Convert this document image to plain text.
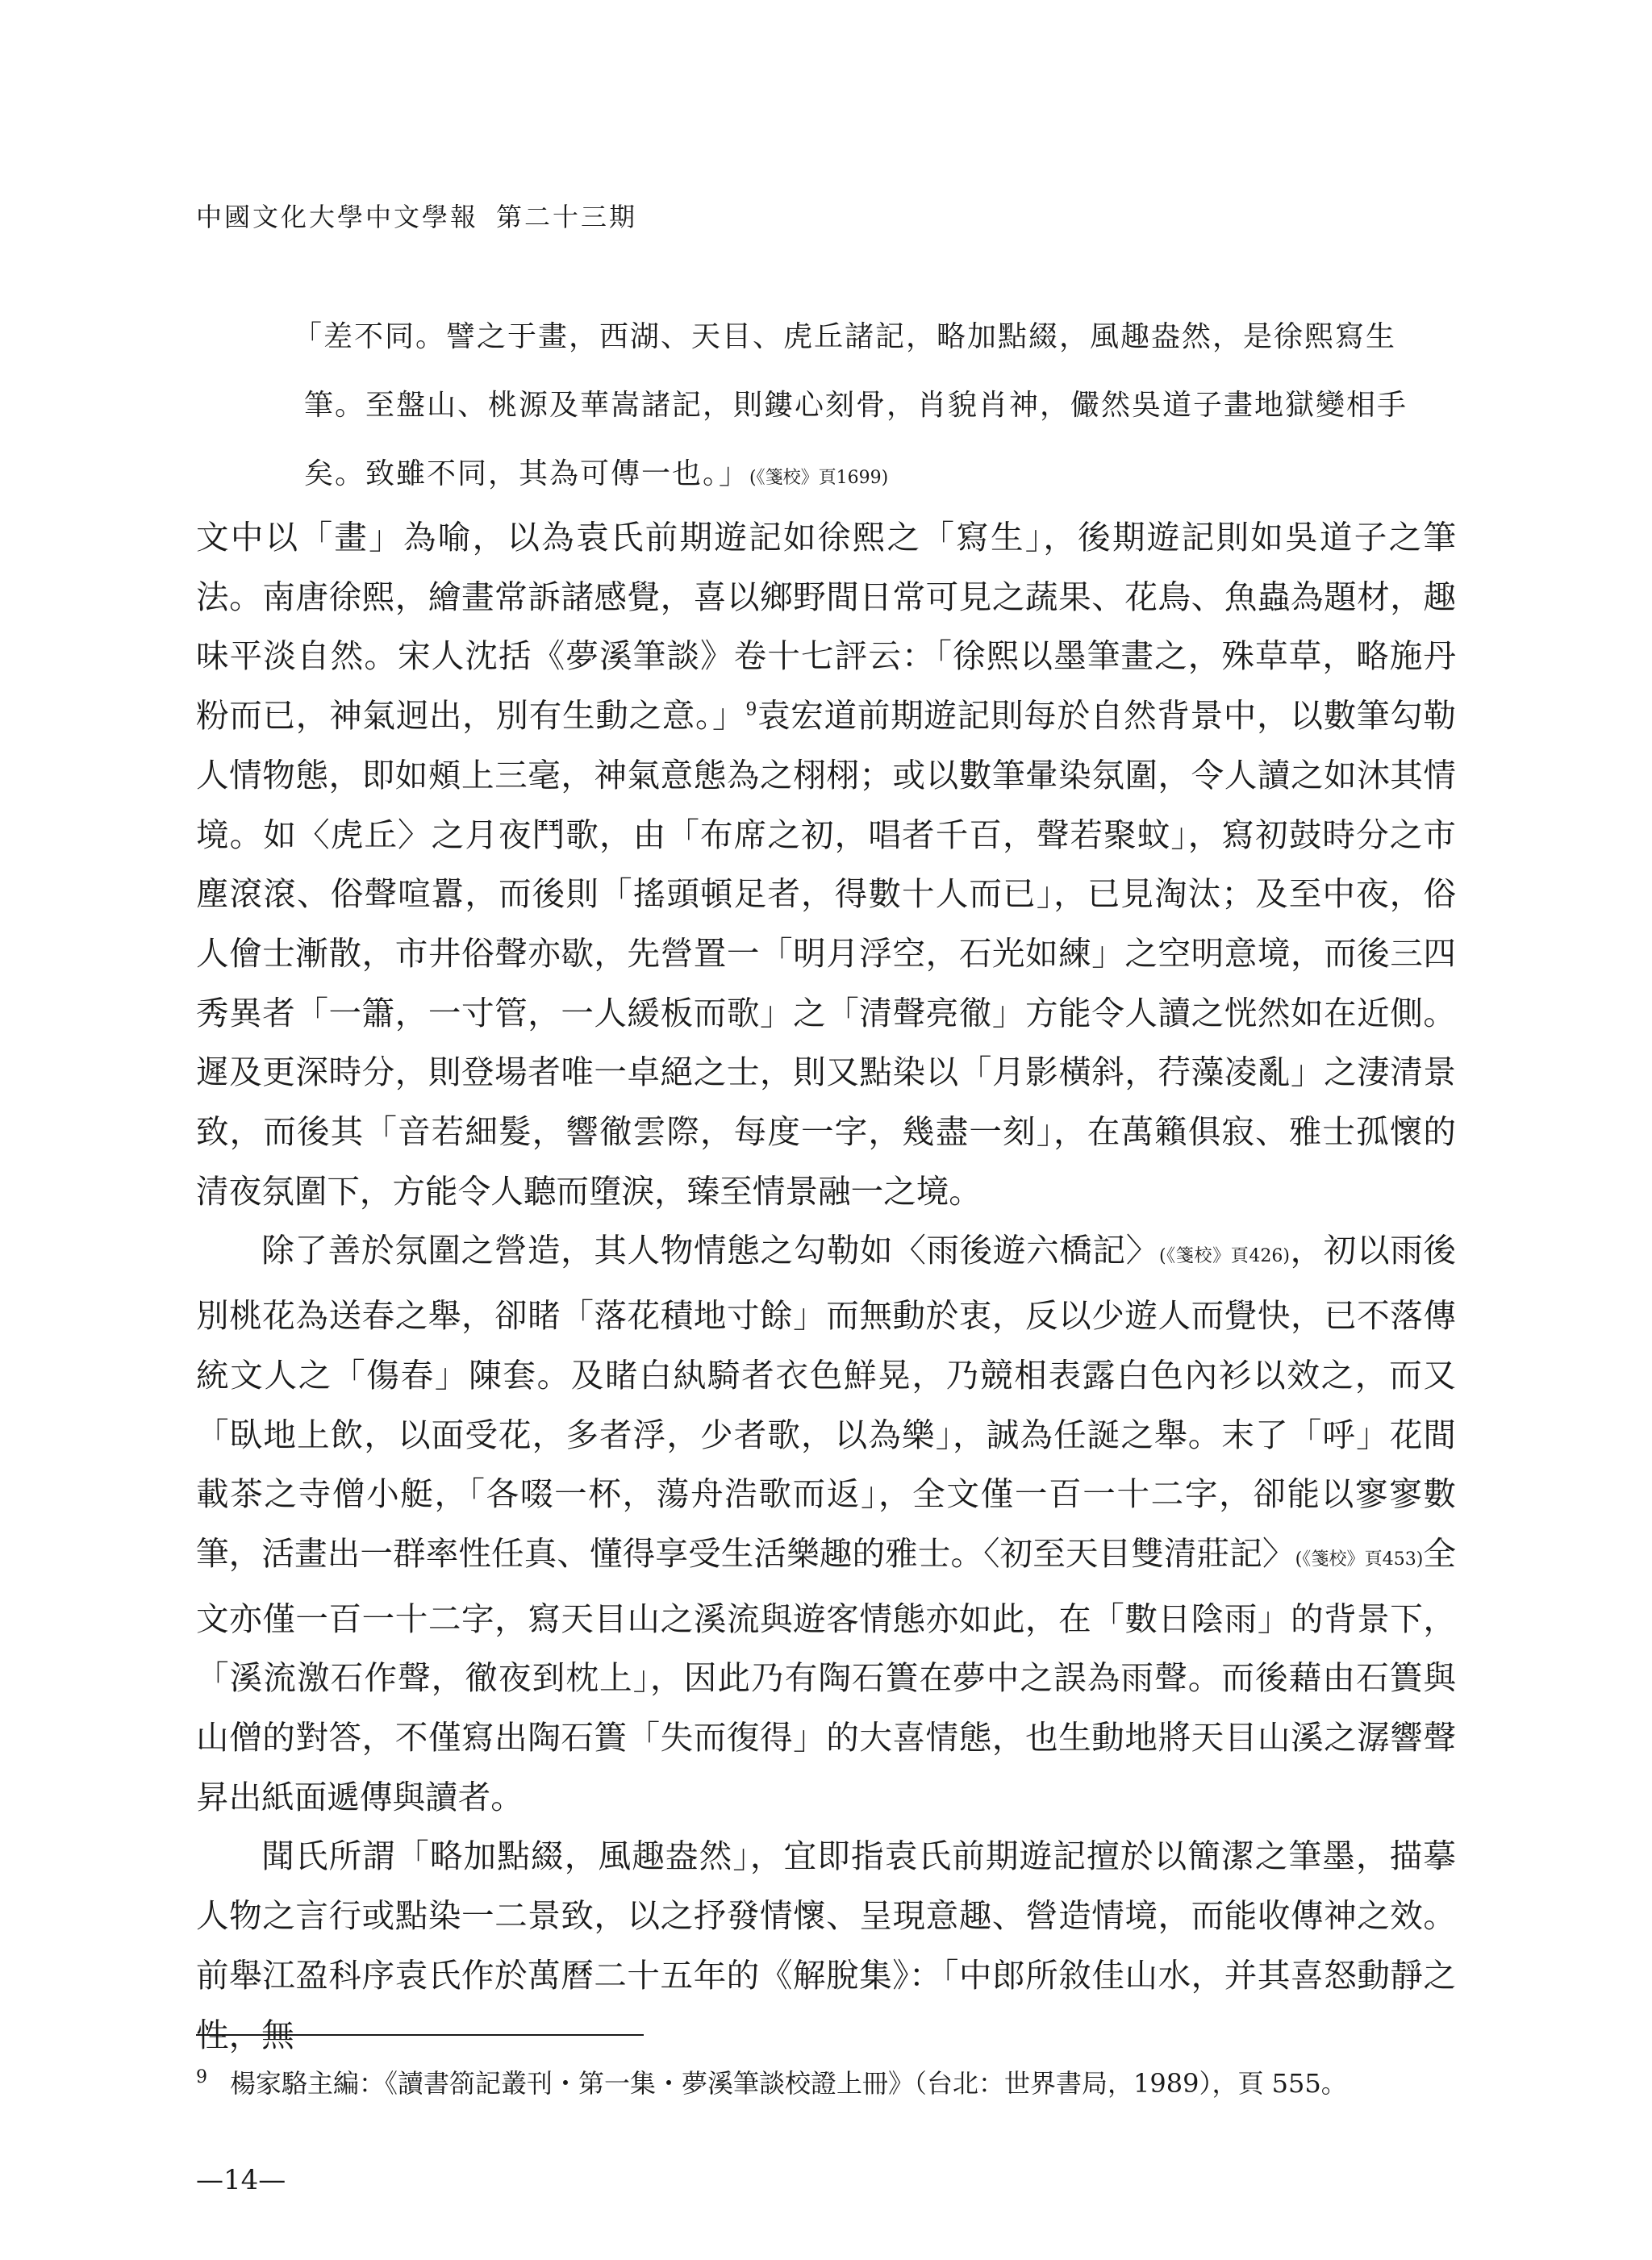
中國文化大學中文學報 第二十三期

「差不同。譬之于畫，西湖、天目、虎丘諸記，略加點綴，風趣盎然，是徐熙寫生

筆。至盤山、桃源及華嵩諸記，則鏤心刻骨，肖貌肖神，儼然吳道子畫地獄變相手

矣。致雖不同，其為可傳一也。」(《箋校》頁1699)

文中以「畫」為喻，以為袁氏前期遊記如徐熙之「寫生」，後期遊記則如吳道子之筆法。南唐徐熙，繪畫常訴諸感覺，喜以鄉野間日常可見之蔬果、花鳥、魚蟲為題材，趣味平淡自然。宋人沈括《夢溪筆談》卷十七評云：「徐熙以墨筆畫之，殊草草，略施丹粉而已，神氣迥出，別有生動之意。」$^9$袁宏道前期遊記則每於自然背景中，以數筆勾勒人情物態，即如頰上三毫，神氣意態為之栩栩；或以數筆暈染氛圍，令人讀之如沐其情境。如〈虎丘〉之月夜鬥歌，由「布席之初，唱者千百，聲若聚蚊」，寫初鼓時分之市塵滾滾、俗聲喧囂，而後則「搖頭頓足者，得數十人而已」，已見淘汰；及至中夜，俗人儈士漸散，市井俗聲亦歇，先營置一「明月浮空，石光如練」之空明意境，而後三四秀異者「一簫，一寸管，一人緩板而歌」之「清聲亮徹」方能令人讀之恍然如在近側。遲及更深時分，則登場者唯一卓絕之士，則又點染以「月影橫斜，荇藻凌亂」之淒清景致，而後其「音若細髮，響徹雲際，每度一字，幾盡一刻」，在萬籟俱寂、雅士孤懷的清夜氛圍下，方能令人聽而墮淚，臻至情景融一之境。

除了善於氛圍之營造，其人物情態之勾勒如〈雨後遊六橋記〉(《箋校》頁426)，初以雨後別桃花為送春之舉，卻睹「落花積地寸餘」而無動於衷，反以少遊人而覺快，已不落傳統文人之「傷春」陳套。及睹白紈騎者衣色鮮晃，乃競相表露白色內衫以效之，而又「臥地上飲，以面受花，多者浮，少者歌，以為樂」，誠為任誕之舉。末了「呼」花間載茶之寺僧小艇，「各啜一杯，蕩舟浩歌而返」，全文僅一百一十二字，卻能以寥寥數筆，活畫出一群率性任真、懂得享受生活樂趣的雅士。〈初至天目雙清莊記〉(《箋校》頁453)全文亦僅一百一十二字，寫天目山之溪流與遊客情態亦如此，在「數日陰雨」的背景下，「溪流激石作聲，徹夜到枕上」，因此乃有陶石簣在夢中之誤為雨聲。而後藉由石簣與山僧的對答，不僅寫出陶石簣「失而復得」的大喜情態，也生動地將天目山溪之潺響聲昇出紙面遞傳與讀者。

聞氏所謂「略加點綴，風趣盎然」，宜即指袁氏前期遊記擅於以簡潔之筆墨，描摹人物之言行或點染一二景致，以之抒發情懷、呈現意趣、營造情境，而能收傳神之效。前舉江盈科序袁氏作於萬曆二十五年的《解脫集》：「中郎所敘佳山水，并其喜怒動靜之性，無

9 楊家駱主編：《讀書箚記叢刊・第一集・夢溪筆談校證上冊》（台北：世界書局，1989），頁 555。
—14—
